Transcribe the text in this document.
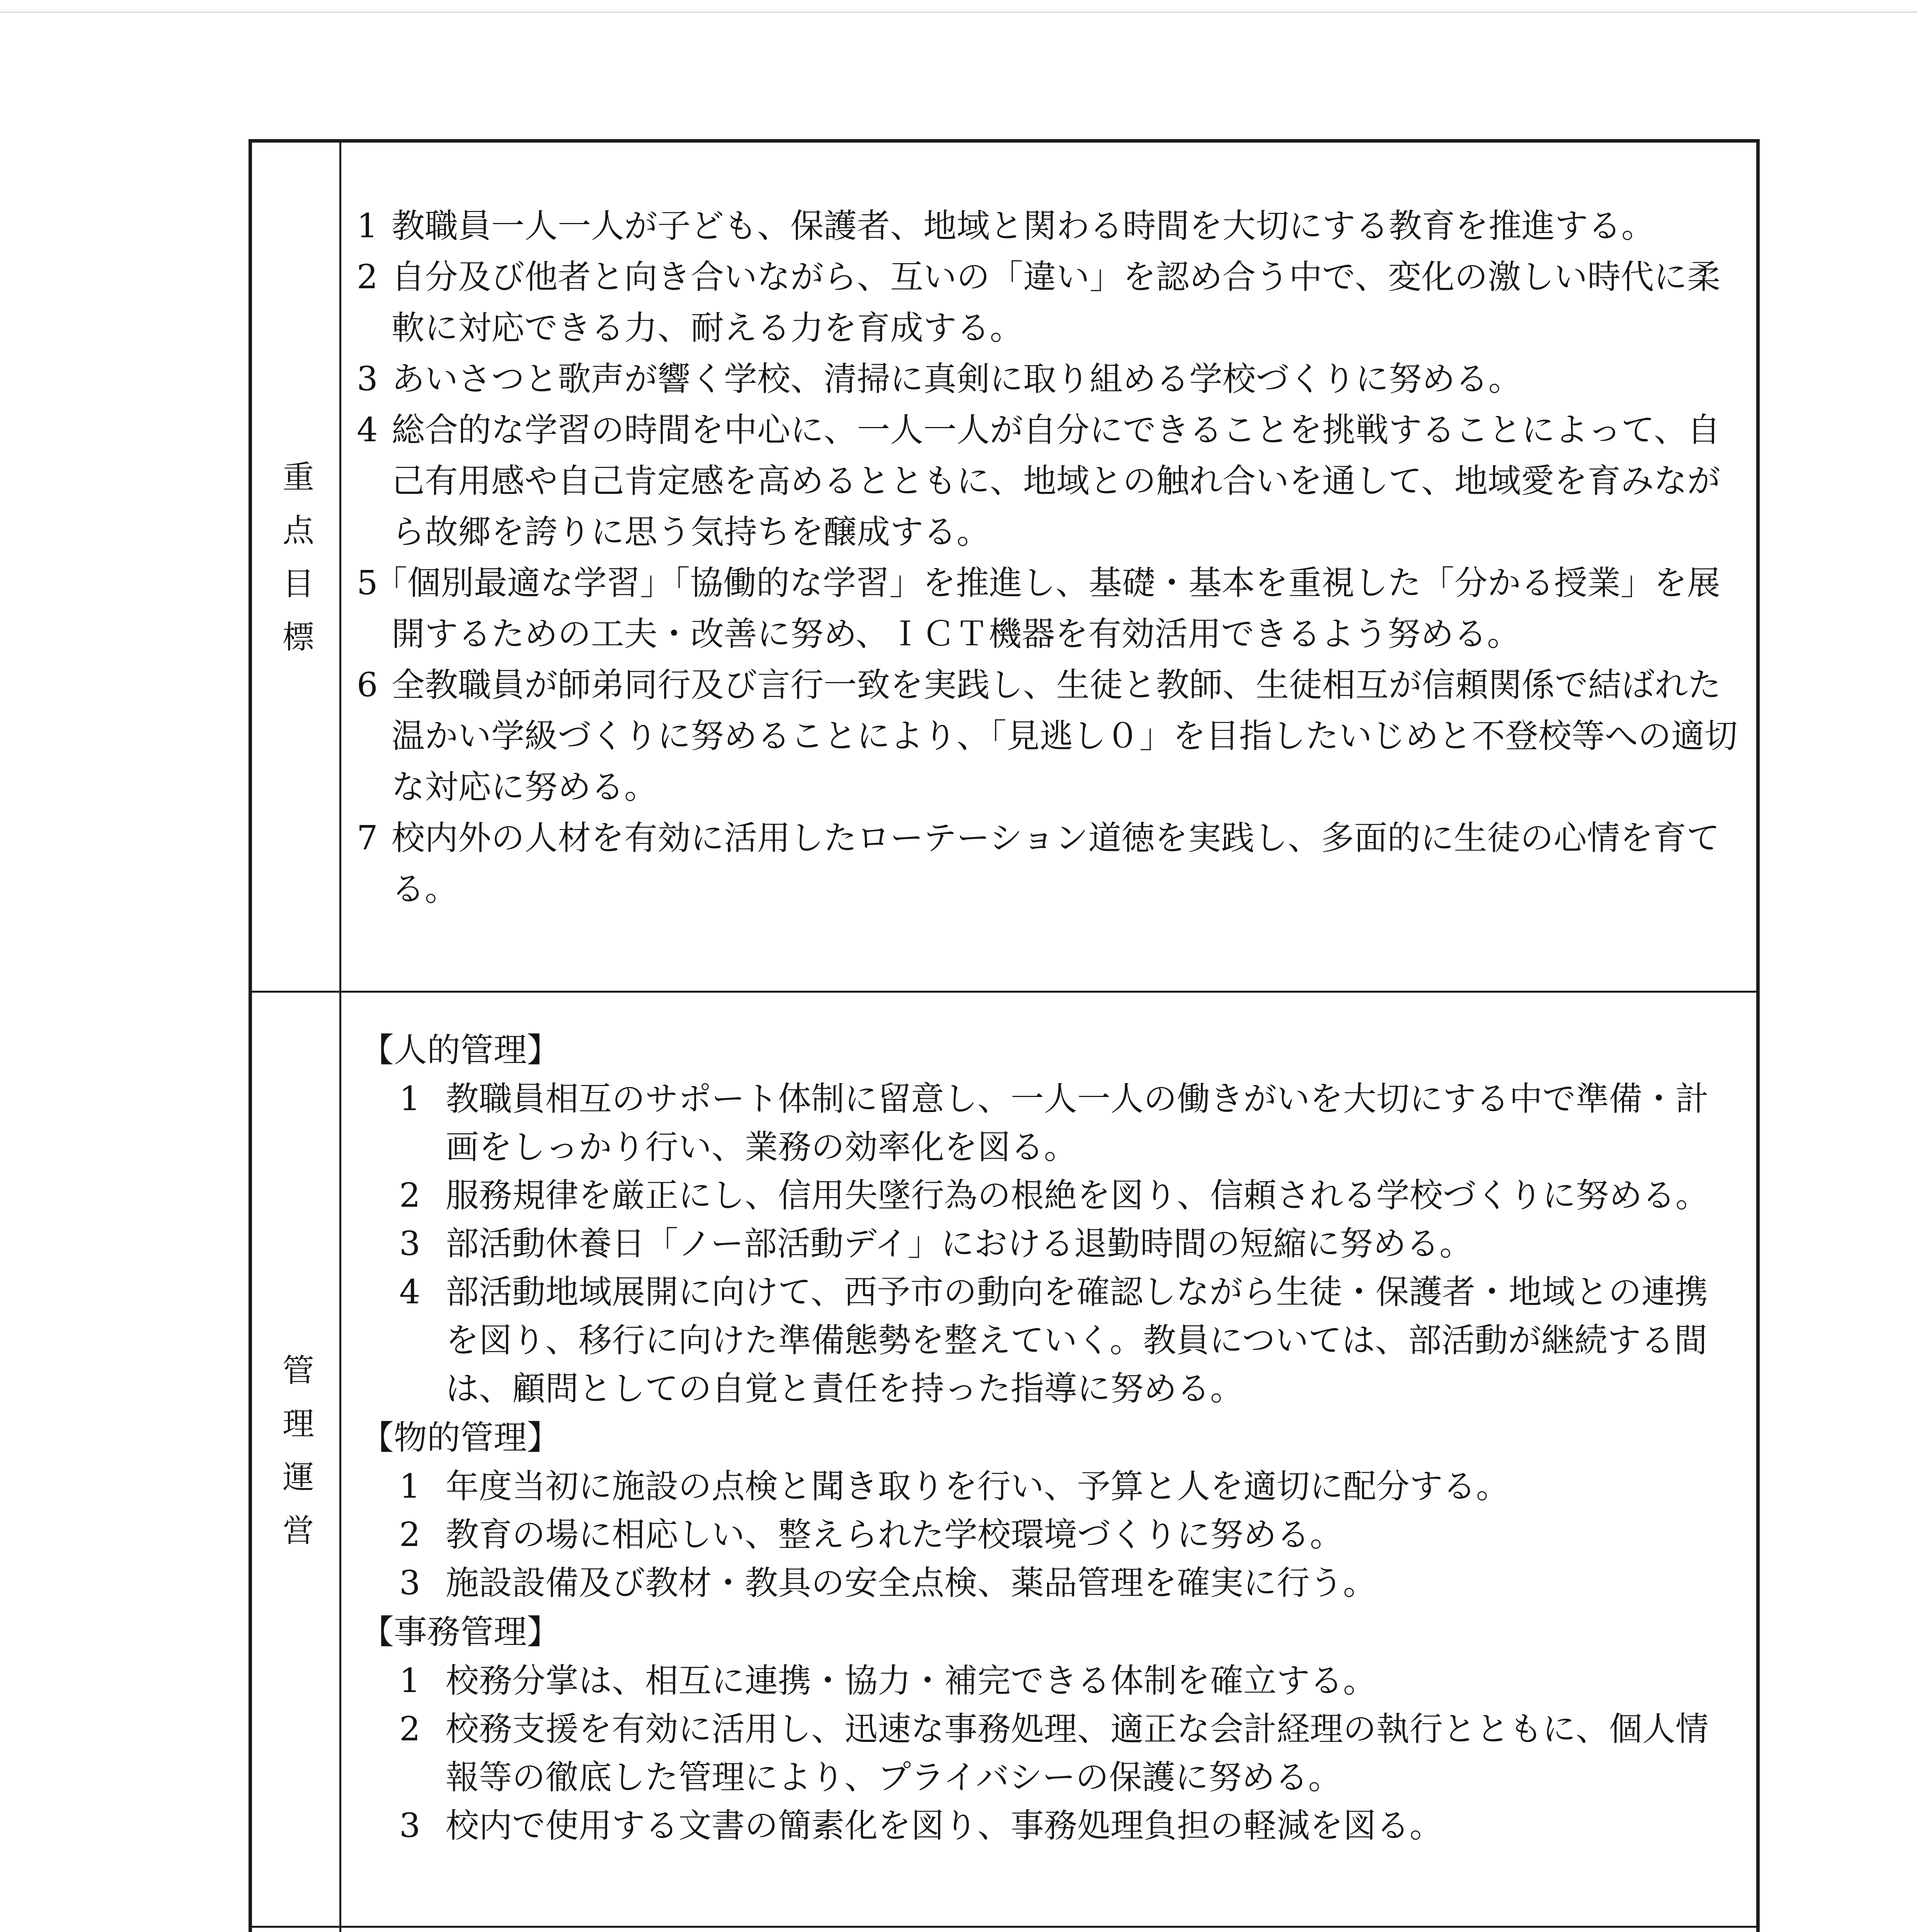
重点目標

1 教職員一人一人が子ども、保護者、地域と関わる時間を大切にする教育を推進する。

2 自分及び他者と向き合いながら、互いの「違い」を認め合う中で、変化の激しい時代に柔軟に対応できる力、耐える力を育成する。

3 あいさつと歌声が響く学校、清掃に真剣に取り組める学校づくりに努める。

4 総合的な学習の時間を中心に、一人一人が自分にできることを挑戦することによって、自己有用感や自己肯定感を高めるとともに、地域との触れ合いを通して、地域愛を育みながら故郷を誇りに思う気持ちを醸成する。

5「個別最適な学習」「協働的な学習」を推進し、基礎・基本を重視した「分かる授業」を展開するための工夫・改善に努め、ＩＣＴ機器を有効活用できるよう努める。

6 全教職員が師弟同行及び言行一致を実践し、生徒と教師、生徒相互が信頼関係で結ばれた温かい学級づくりに努めることにより、「見逃し０」を目指したいじめと不登校等への適切な対応に努める。

7 校内外の人材を有効に活用したローテーション道徳を実践し、多面的に生徒の心情を育てる。

管理運営

【人的管理】

1 教職員相互のサポート体制に留意し、一人一人の働きがいを大切にする中で準備・計画をしっかり行い、業務の効率化を図る。

2 服務規律を厳正にし、信用失墜行為の根絶を図り、信頼される学校づくりに努める。

3 部活動休養日「ノー部活動デイ」における退勤時間の短縮に努める。

4 部活動地域展開に向けて、西予市の動向を確認しながら生徒・保護者・地域との連携を図り、移行に向けた準備態勢を整えていく。教員については、部活動が継続する間は、顧問としての自覚と責任を持った指導に努める。

【物的管理】

1 年度当初に施設の点検と聞き取りを行い、予算と人を適切に配分する。

2 教育の場に相応しい、整えられた学校環境づくりに努める。

3 施設設備及び教材・教具の安全点検、薬品管理を確実に行う。

【事務管理】

1 校務分掌は、相互に連携・協力・補完できる体制を確立する。

2 校務支援を有効に活用し、迅速な事務処理、適正な会計経理の執行とともに、個人情報等の徹底した管理により、プライバシーの保護に努める。

3 校内で使用する文書の簡素化を図り、事務処理負担の軽減を図る。
